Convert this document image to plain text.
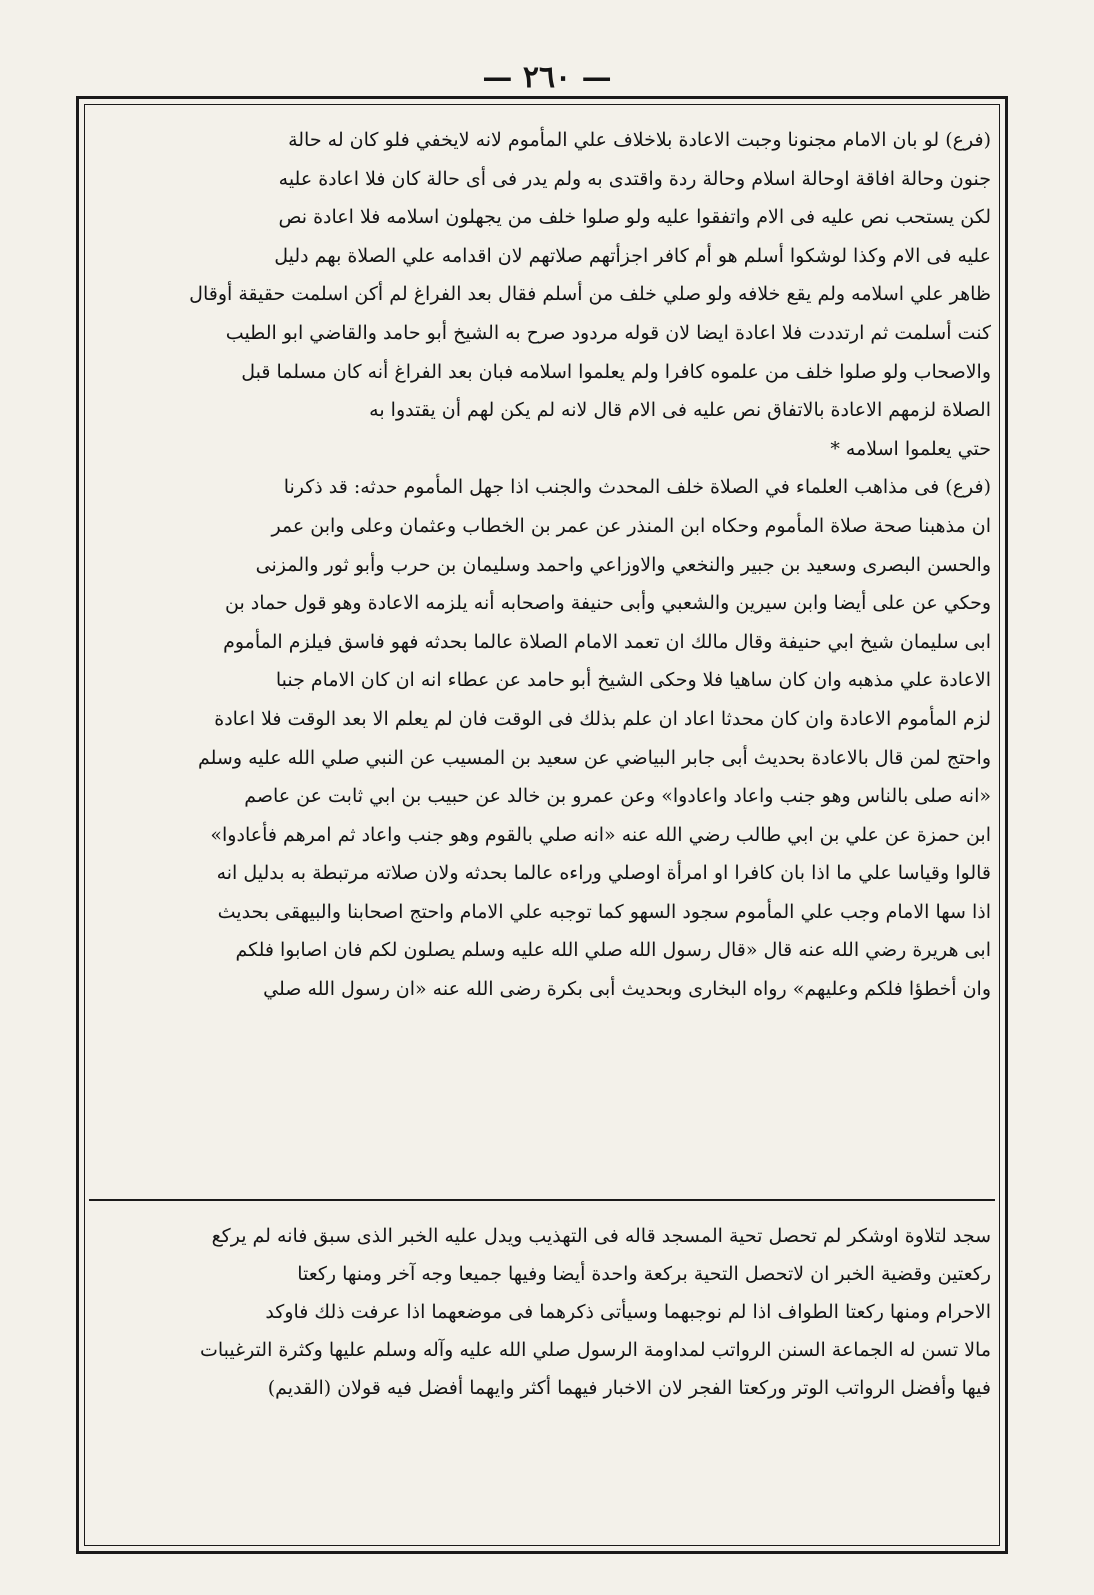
— ٢٦٠ —

(فرع) لو بان الامام مجنونا وجبت الاعادة بلاخلاف علي المأموم لانه لايخفي فلو كان له حالة

جنون وحالة افاقة اوحالة اسلام وحالة ردة واقتدى به ولم يدر فى أى حالة كان فلا اعادة عليه

لكن يستحب نص عليه فى الام واتفقوا عليه ولو صلوا خلف من يجهلون اسلامه فلا اعادة نص

عليه فى الام وكذا لوشكوا أسلم هو أم كافر اجزأتهم صلاتهم لان اقدامه علي الصلاة بهم دليل

ظاهر علي اسلامه ولم يقع خلافه ولو صلي خلف من أسلم فقال بعد الفراغ لم أكن اسلمت حقيقة أوقال

كنت أسلمت ثم ارتددت فلا اعادة ايضا لان قوله مردود صرح به الشيخ أبو حامد والقاضي ابو الطيب

والاصحاب ولو صلوا خلف من علموه كافرا ولم يعلموا اسلامه فبان بعد الفراغ أنه كان مسلما قبل

الصلاة لزمهم الاعادة بالاتفاق نص عليه فى الام قال لانه لم يكن لهم أن يقتدوا به

حتي يعلموا اسلامه *

(فرع) فى مذاهب العلماء في الصلاة خلف المحدث والجنب اذا جهل المأموم حدثه: قد ذكرنا

ان مذهبنا صحة صلاة المأموم وحكاه ابن المنذر عن عمر بن الخطاب وعثمان وعلى وابن عمر

والحسن البصرى وسعيد بن جبير والنخعي والاوزاعي واحمد وسليمان بن حرب وأبو ثور والمزنى

وحكي عن على أيضا وابن سيرين والشعبي وأبى حنيفة واصحابه أنه يلزمه الاعادة وهو قول حماد بن

ابى سليمان شيخ ابي حنيفة وقال مالك ان تعمد الامام الصلاة عالما بحدثه فهو فاسق فيلزم المأموم

الاعادة علي مذهبه وان كان ساهيا فلا وحكى الشيخ أبو حامد عن عطاء انه ان كان الامام جنبا

لزم المأموم الاعادة وان كان محدثا اعاد ان علم بذلك فى الوقت فان لم يعلم الا بعد الوقت فلا اعادة

واحتج لمن قال بالاعادة بحديث أبى جابر البياضي عن سعيد بن المسيب عن النبي صلي الله عليه وسلم

«انه صلى بالناس وهو جنب واعاد واعادوا» وعن عمرو بن خالد عن حبيب بن ابي ثابت عن عاصم

ابن حمزة عن علي بن ابي طالب رضي الله عنه «انه صلي بالقوم وهو جنب واعاد ثم امرهم فأعادوا»

قالوا وقياسا علي ما اذا بان كافرا او امرأة اوصلي وراءه عالما بحدثه ولان صلاته مرتبطة به بدليل انه

اذا سها الامام وجب علي المأموم سجود السهو كما توجبه علي الامام واحتج اصحابنا والبيهقى بحديث

ابى هريرة رضي الله عنه قال «قال رسول الله صلي الله عليه وسلم يصلون لكم فان اصابوا فلكم

وان أخطؤا فلكم وعليهم» رواه البخارى وبحديث أبى بكرة رضى الله عنه «ان رسول الله صلي

سجد لتلاوة اوشكر لم تحصل تحية المسجد قاله فى التهذيب ويدل عليه الخبر الذى سبق فانه لم يركع

ركعتين وقضية الخبر ان لاتحصل التحية بركعة واحدة أيضا وفيها جميعا وجه آخر ومنها ركعتا

الاحرام ومنها ركعتا الطواف اذا لم نوجبهما وسيأتى ذكرهما فى موضعهما اذا عرفت ذلك فاوكد

مالا تسن له الجماعة السنن الرواتب لمداومة الرسول صلي الله عليه وآله وسلم عليها وكثرة الترغيبات

فيها وأفضل الرواتب الوتر وركعتا الفجر لان الاخبار فيهما أكثر وايهما أفضل فيه قولان (القديم)
